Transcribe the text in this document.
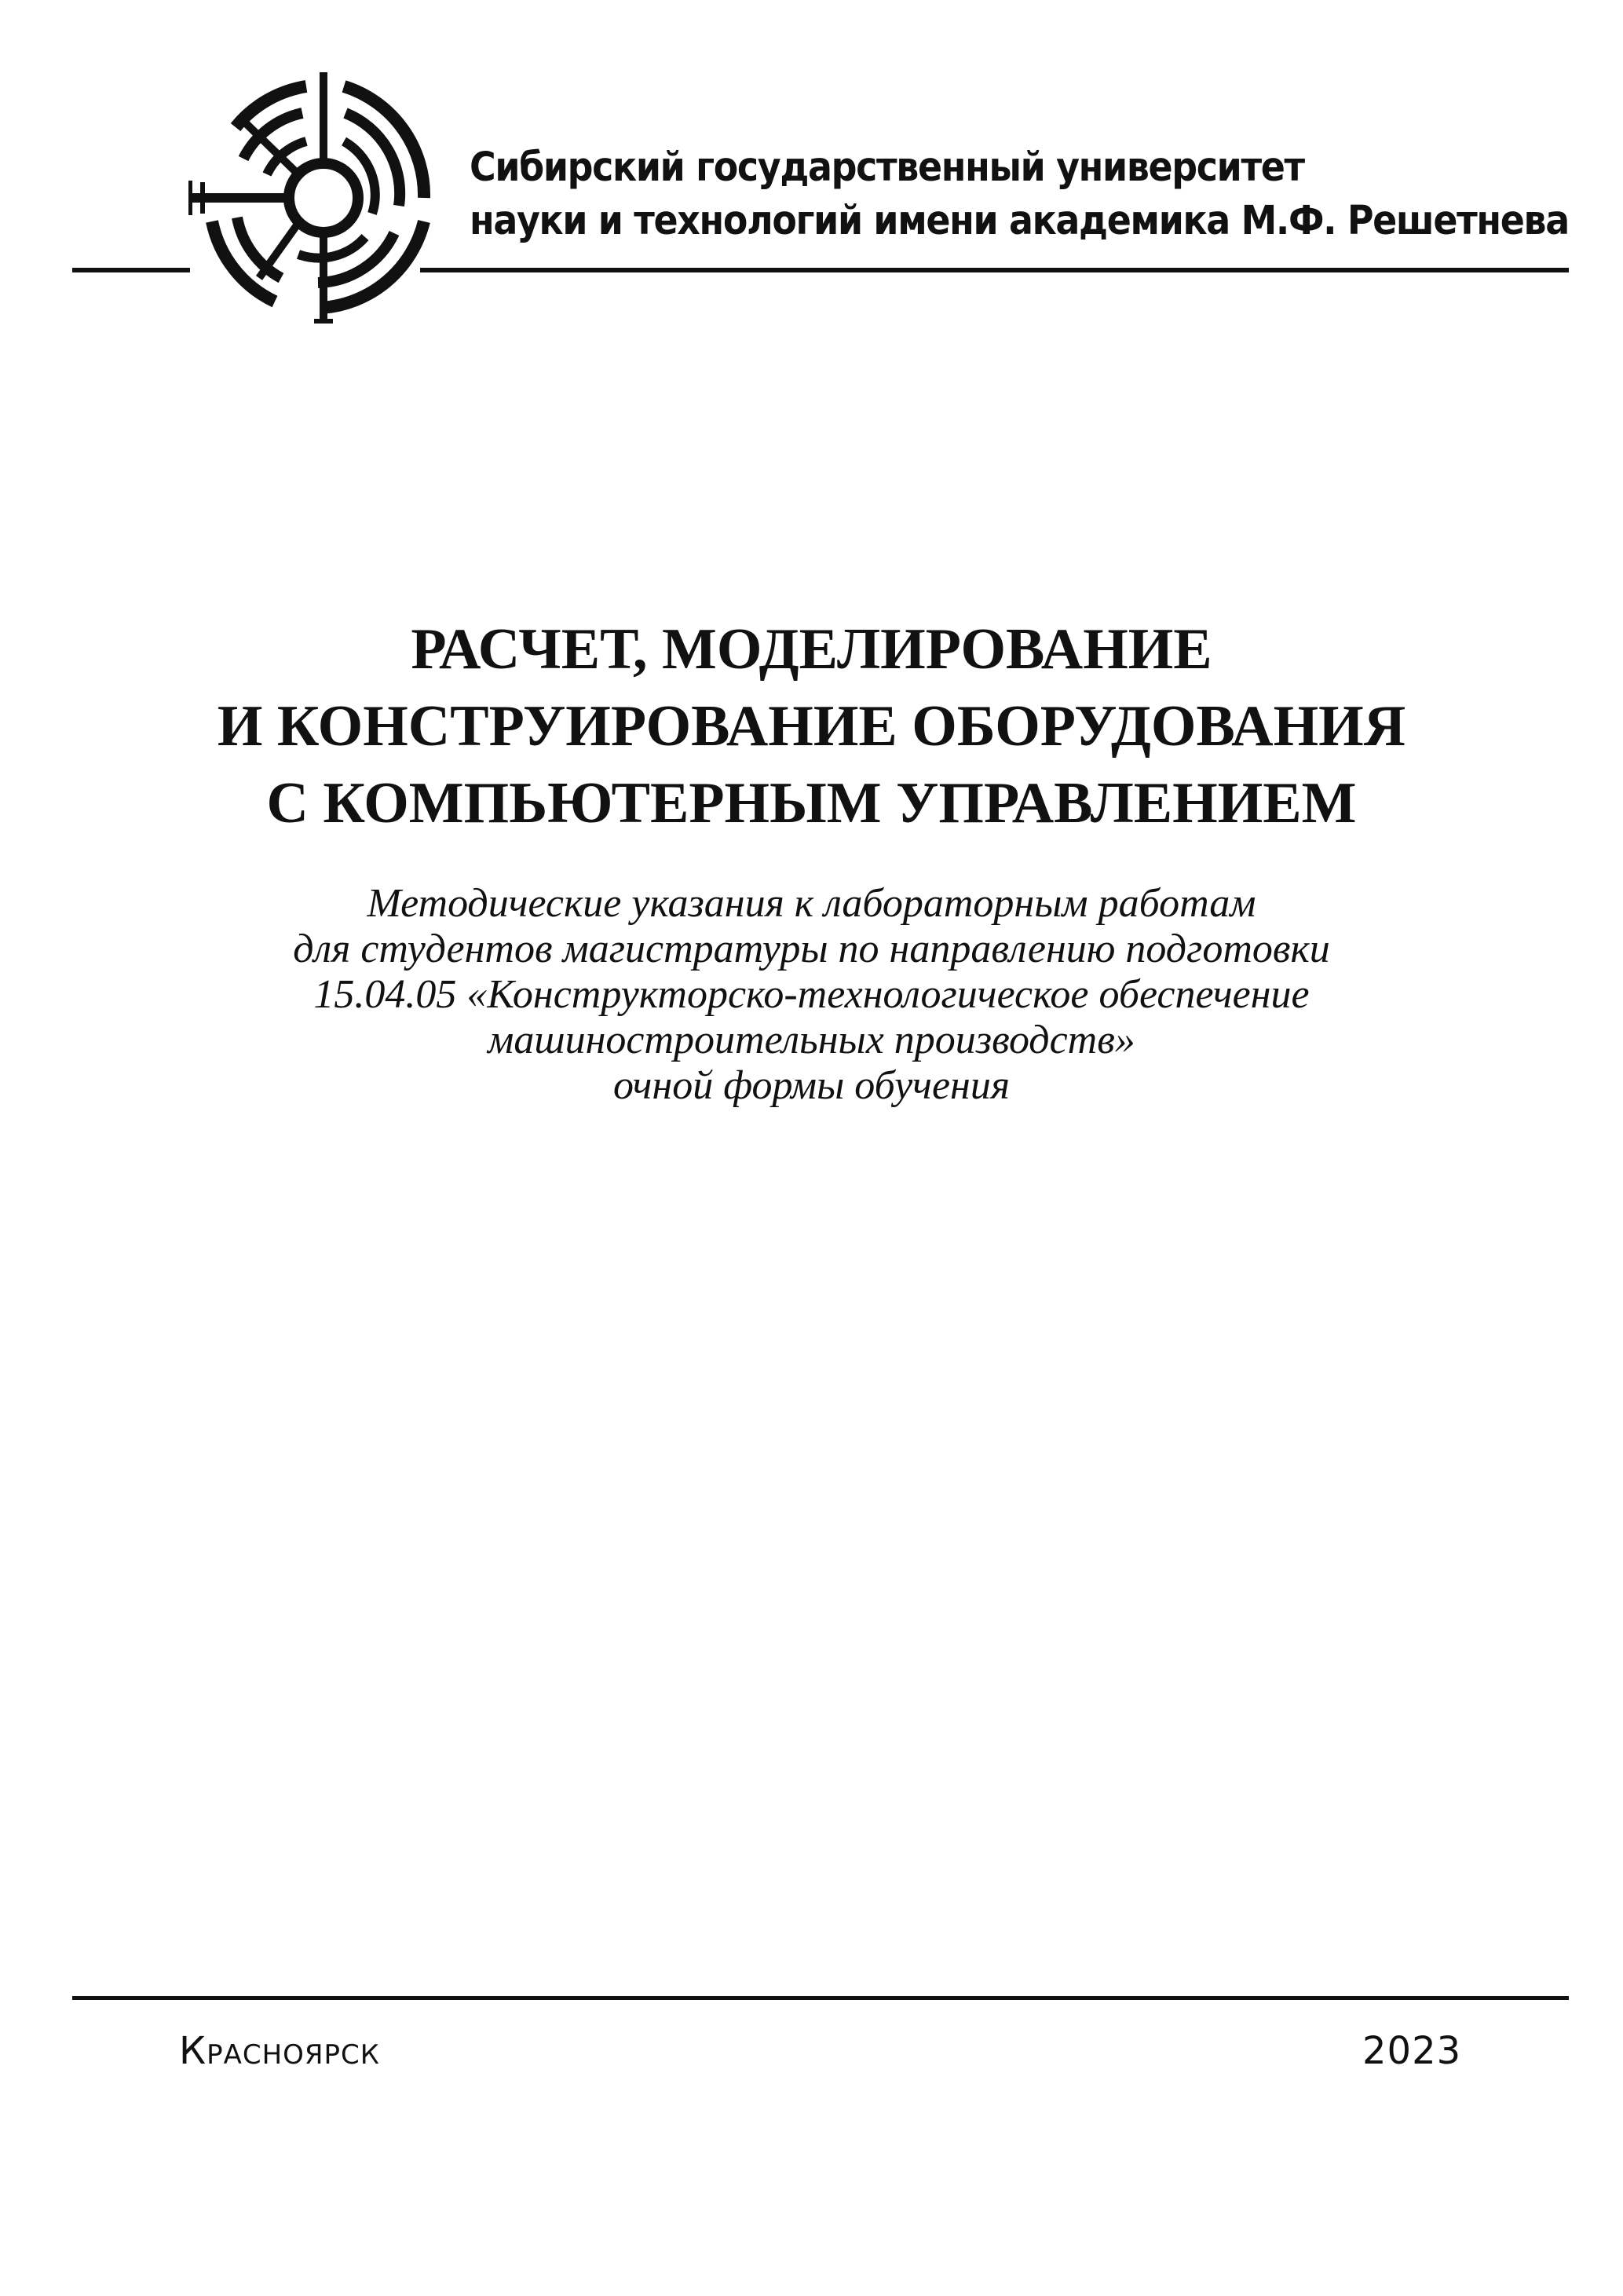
Сибирский государственный университет
науки и технологий имени академика М.Ф. Решетнева
РАСЧЕТ, МОДЕЛИРОВАНИЕ
И КОНСТРУИРОВАНИЕ ОБОРУДОВАНИЯ
С КОМПЬЮТЕРНЫМ УПРАВЛЕНИЕМ
Методические указания к лабораторным работам
для студентов магистратуры по направлению подготовки
15.04.05 «Конструкторско-технологическое обеспечение
машиностроительных производств»
очной формы обучения
Красноярск	2023
